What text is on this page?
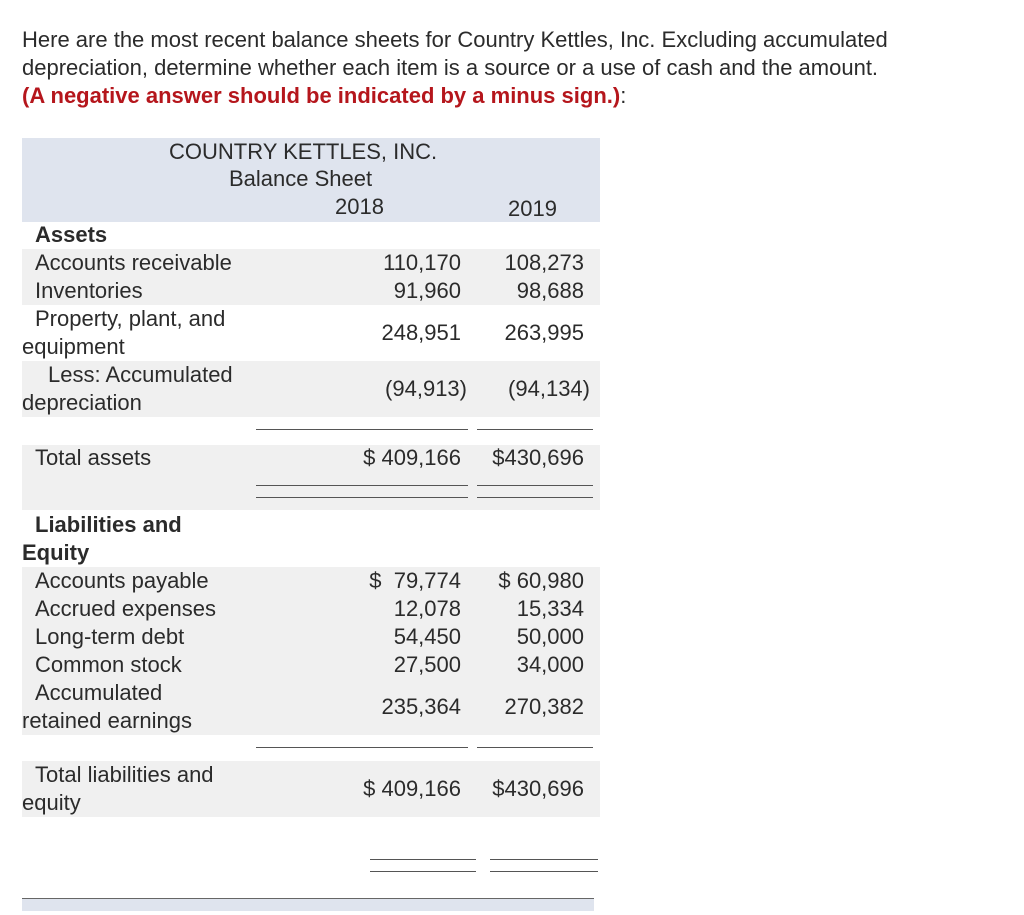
Here are the most recent balance sheets for Country Kettles, Inc. Excluding accumulated
depreciation, determine whether each item is a source or a use of cash and the amount.
(A negative answer should be indicated by a minus sign.):
COUNTRY KETTLES, INC.
Balance Sheet
2018	2019
Assets
Accounts receivable	110,170 108,273
Inventories	91,960	98,688
Property, plant, and
equipment
248,951 263,995
Less: Accumulated
depreciation
(94,913) (94,134)
Total assets	$ 409,166 $430,696
Liabilities and
Equity
Accounts payable	$  79,774 $ 60,980
Accrued expenses	12,078	15,334
Long-term debt	54,450	50,000
Common stock	27,500	34,000
Accumulated
retained earnings
235,364 270,382
Total liabilities and
equity
$ 409,166 $430,696
